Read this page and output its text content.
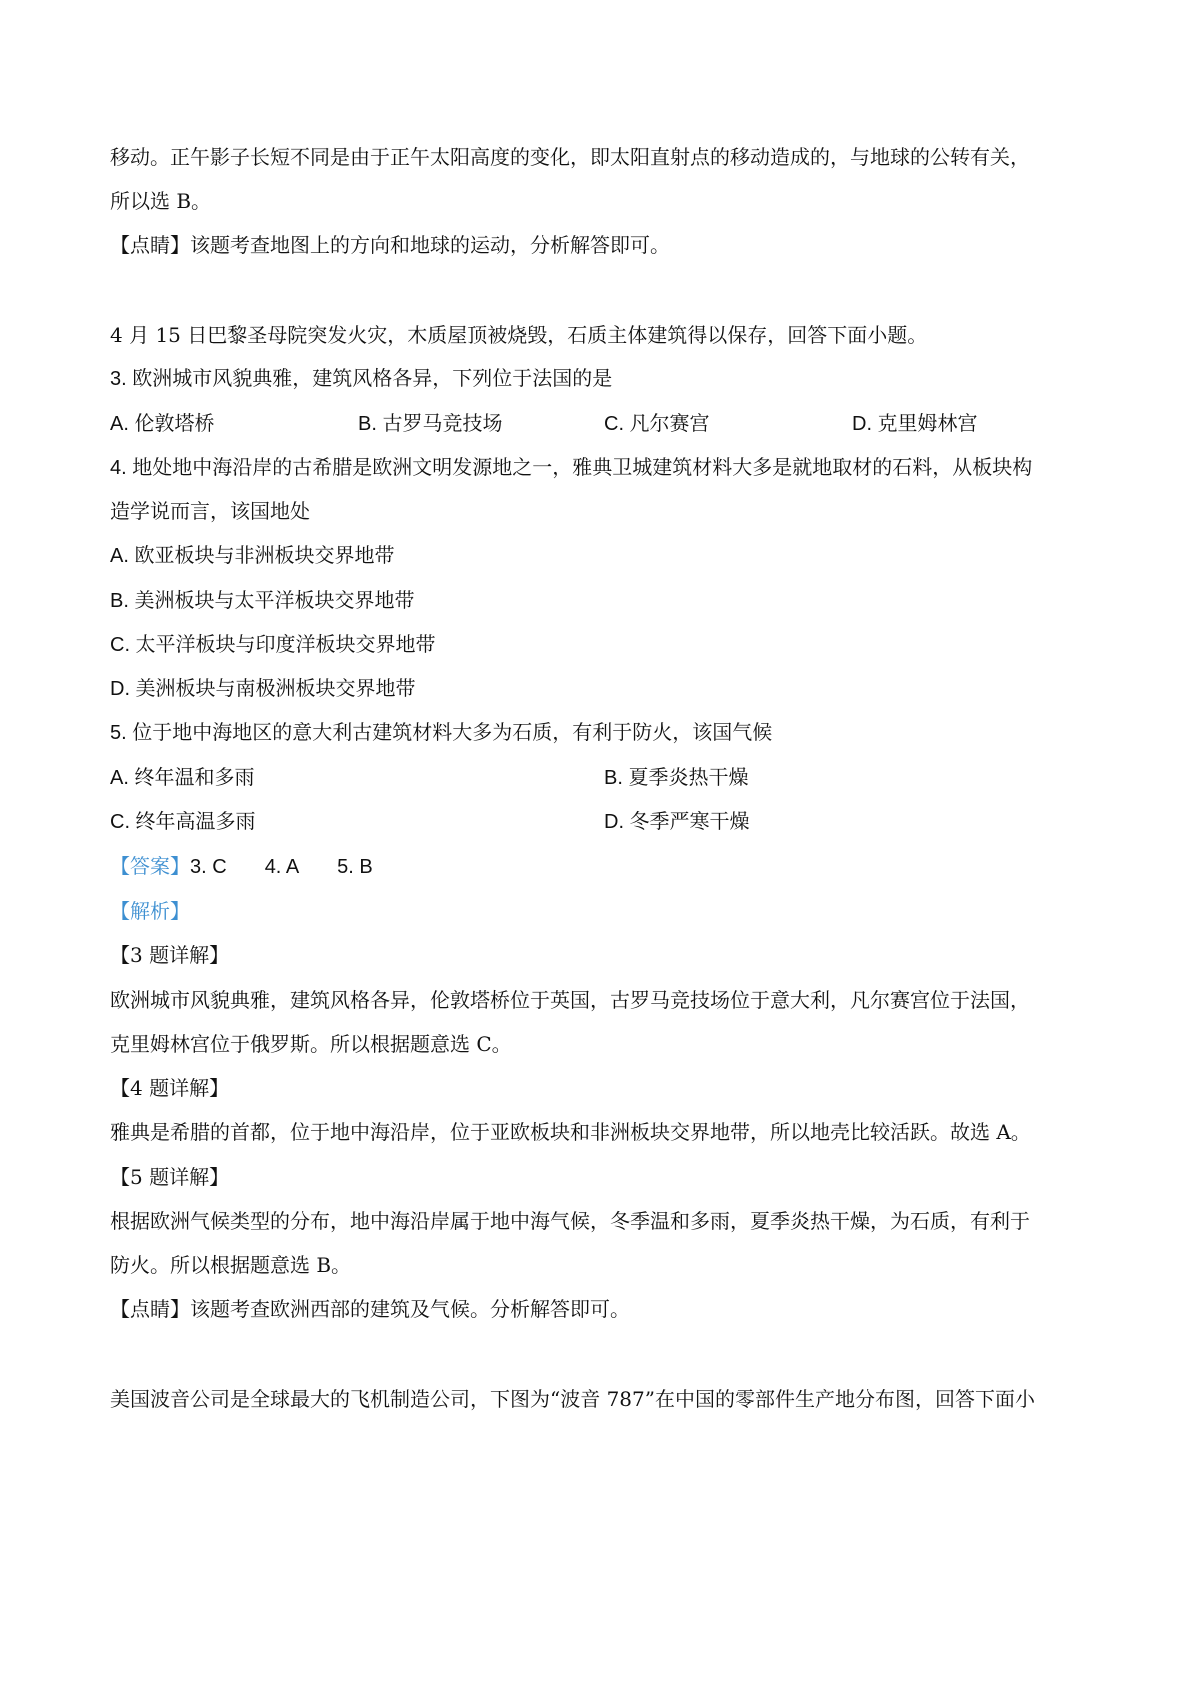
移动。正午影子长短不同是由于正午太阳高度的变化，即太阳直射点的移动造成的，与地球的公转有关，
所以选 B。
【点睛】该题考查地图上的方向和地球的运动，分析解答即可。
4 月 15 日巴黎圣母院突发火灾，木质屋顶被烧毁，石质主体建筑得以保存，回答下面小题。
3. 欧洲城市风貌典雅，建筑风格各异，下列位于法国的是
A. 伦敦塔桥	B. 古罗马竞技场	C. 凡尔赛宫	D. 克里姆林宫
4. 地处地中海沿岸的古希腊是欧洲文明发源地之一，雅典卫城建筑材料大多是就地取材的石料，从板块构
造学说而言，该国地处
A. 欧亚板块与非洲板块交界地带
B. 美洲板块与太平洋板块交界地带
C. 太平洋板块与印度洋板块交界地带
D. 美洲板块与南极洲板块交界地带
5. 位于地中海地区的意大利古建筑材料大多为石质，有利于防火，该国气候
A. 终年温和多雨	B. 夏季炎热干燥
C. 终年高温多雨	D. 冬季严寒干燥
【答案】3. C 4. A 5. B
【解析】
【3 题详解】
欧洲城市风貌典雅，建筑风格各异，伦敦塔桥位于英国，古罗马竞技场位于意大利，凡尔赛宫位于法国，
克里姆林宫位于俄罗斯。所以根据题意选 C。
【4 题详解】
雅典是希腊的首都，位于地中海沿岸，位于亚欧板块和非洲板块交界地带，所以地壳比较活跃。故选 A。
【5 题详解】
根据欧洲气候类型的分布，地中海沿岸属于地中海气候，冬季温和多雨，夏季炎热干燥，为石质，有利于
防火。所以根据题意选 B。
【点睛】该题考查欧洲西部的建筑及气候。分析解答即可。
美国波音公司是全球最大的飞机制造公司，下图为“波音 787”在中国的零部件生产地分布图，回答下面小
